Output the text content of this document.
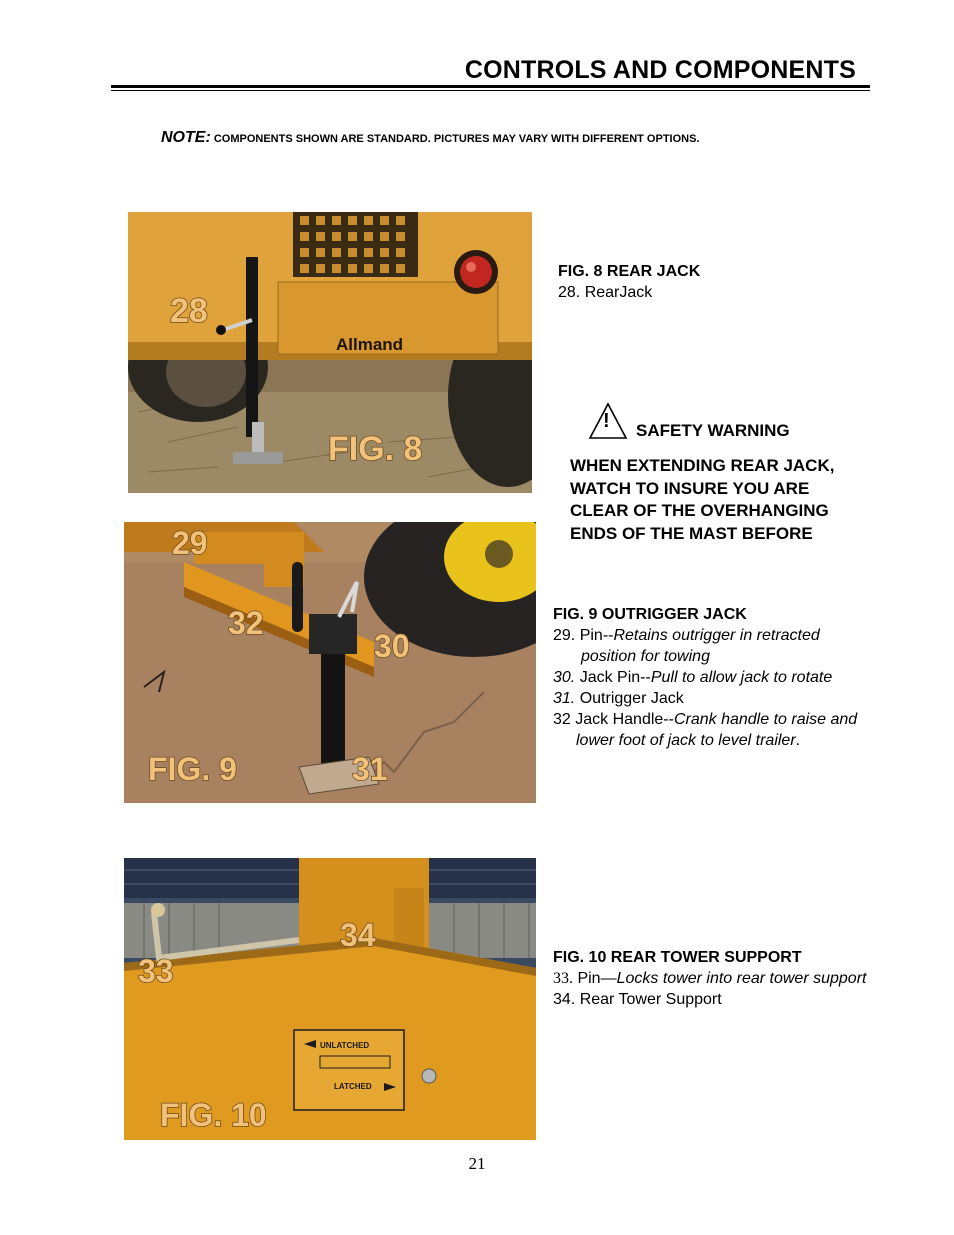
CONTROLS AND COMPONENTS
NOTE: COMPONENTS SHOWN ARE STANDARD. PICTURES MAY VARY WITH DIFFERENT OPTIONS.
Allmand
28
FIG. 8
FIG. 8 REAR JACK
28. RearJack
! SAFETY WARNING
WHEN EXTENDING REAR JACK,
WATCH TO INSURE YOU ARE
CLEAR OF THE OVERHANGING
ENDS OF THE MAST BEFORE
29
32
30
31
FIG. 9
FIG. 9 OUTRIGGER JACK
29. Pin--Retains outrigger in retracted
position for towing
30. Jack Pin--Pull to allow jack to rotate
31. Outrigger Jack
32 Jack Handle--Crank handle to raise and
lower foot of jack to level trailer.
UNLATCHED
LATCHED
34
33
FIG. 10
FIG. 10 REAR TOWER SUPPORT
33. Pin—Locks tower into rear tower support
34. Rear Tower Support
21
